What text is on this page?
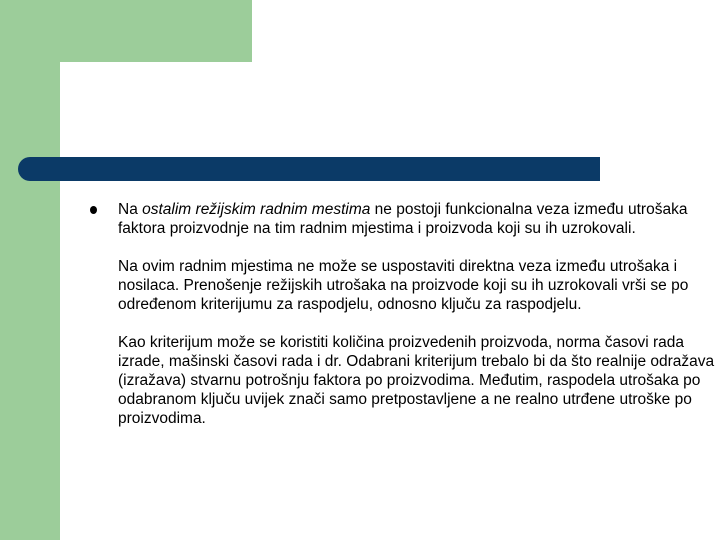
Na ostalim režijskim radnim mestima ne postoji funkcionalna veza između utrošaka faktora proizvodnje na tim radnim mjestima i proizvoda koji su ih uzrokovali.

Na ovim radnim mjestima ne može se uspostaviti direktna veza između utrošaka i nosilaca. Prenošenje režijskih utrošaka na proizvode koji su ih uzrokovali vrši se po određenom kriterijumu za raspodjelu, odnosno ključu za raspodjelu.

Kao kriterijum može se koristiti količina proizvedenih proizvoda, norma časovi rada izrade, mašinski časovi rada i dr. Odabrani kriterijum trebalo bi da što realnije odražava (izražava) stvarnu potrošnju faktora po proizvodima. Međutim, raspodela utrošaka po odabranom ključu uvijek znači samo pretpostavljene a ne realno utrđene utroške po proizvodima.
